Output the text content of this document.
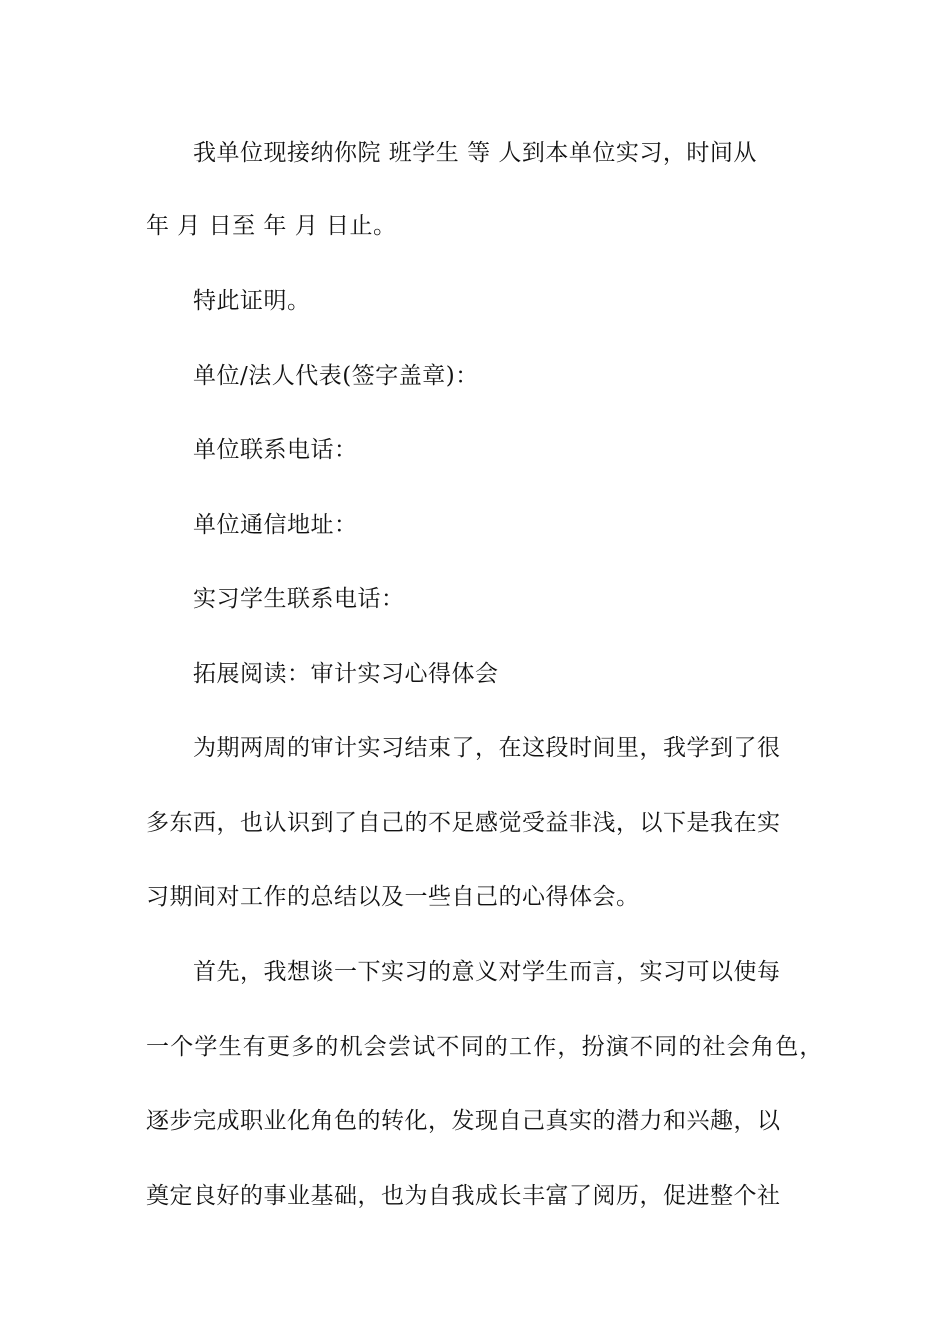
我单位现接纳你院 班学生 等 人到本单位实习，时间从
年 月 日至 年 月 日止。
特此证明。
单位/法人代表(签字盖章)：
单位联系电话：
单位通信地址：
实习学生联系电话：
拓展阅读：审计实习心得体会
为期两周的审计实习结束了，在这段时间里，我学到了很
多东西，也认识到了自己的不足感觉受益非浅，以下是我在实
习期间对工作的总结以及一些自己的心得体会。
首先，我想谈一下实习的意义对学生而言，实习可以使每
一个学生有更多的机会尝试不同的工作，扮演不同的社会角色，
逐步完成职业化角色的转化，发现自己真实的潜力和兴趣，以
奠定良好的事业基础，也为自我成长丰富了阅历，促进整个社
